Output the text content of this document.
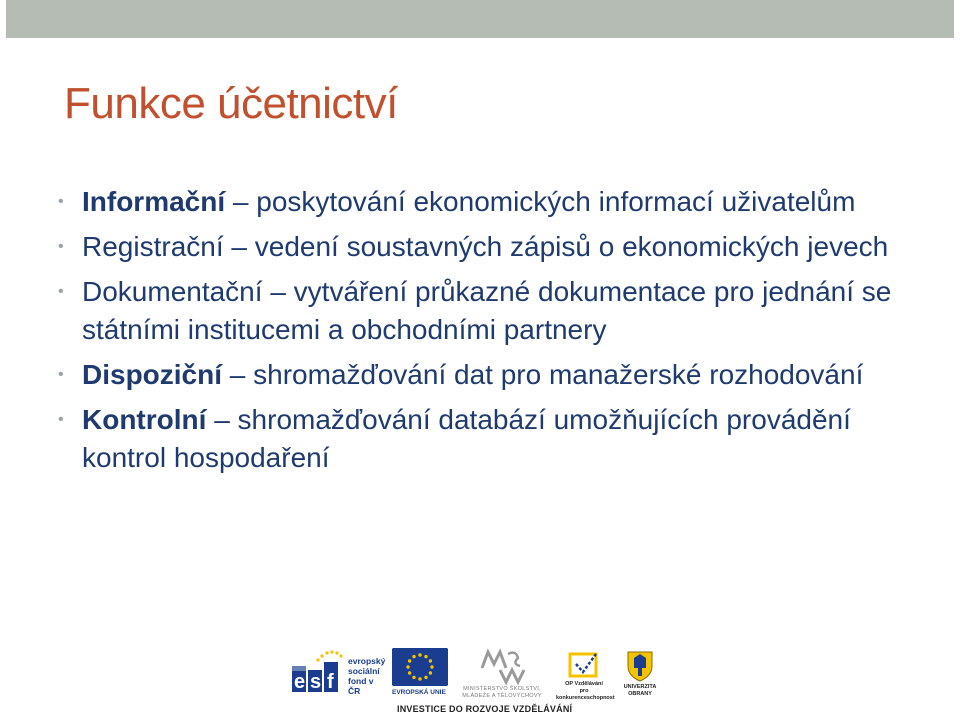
Funkce účetnictví
• Informační – poskytování ekonomických informací uživatelům
• Registrační – vedení soustavných zápisů o ekonomických jevech
• Dokumentační – vytváření průkazné dokumentace pro jednání se státními institucemi a obchodními partnery
• Dispoziční – shromažďování dat pro manažerské rozhodování
• Kontrolní – shromažďování databází umožňujících provádění kontrol hospodaření
e s f
evropský
sociální
fond v ČR	EVROPSKÁ UNIE	MINISTERSTVO ŠKOLSTVÍ,
MLÁDEŽE A TĚLOVÝCHOVY
OP Vzdělávání
pro konkurenceschopnost
UNIVERZITA
OBRANY
INVESTICE DO ROZVOJE VZDĚLÁVÁNÍ
